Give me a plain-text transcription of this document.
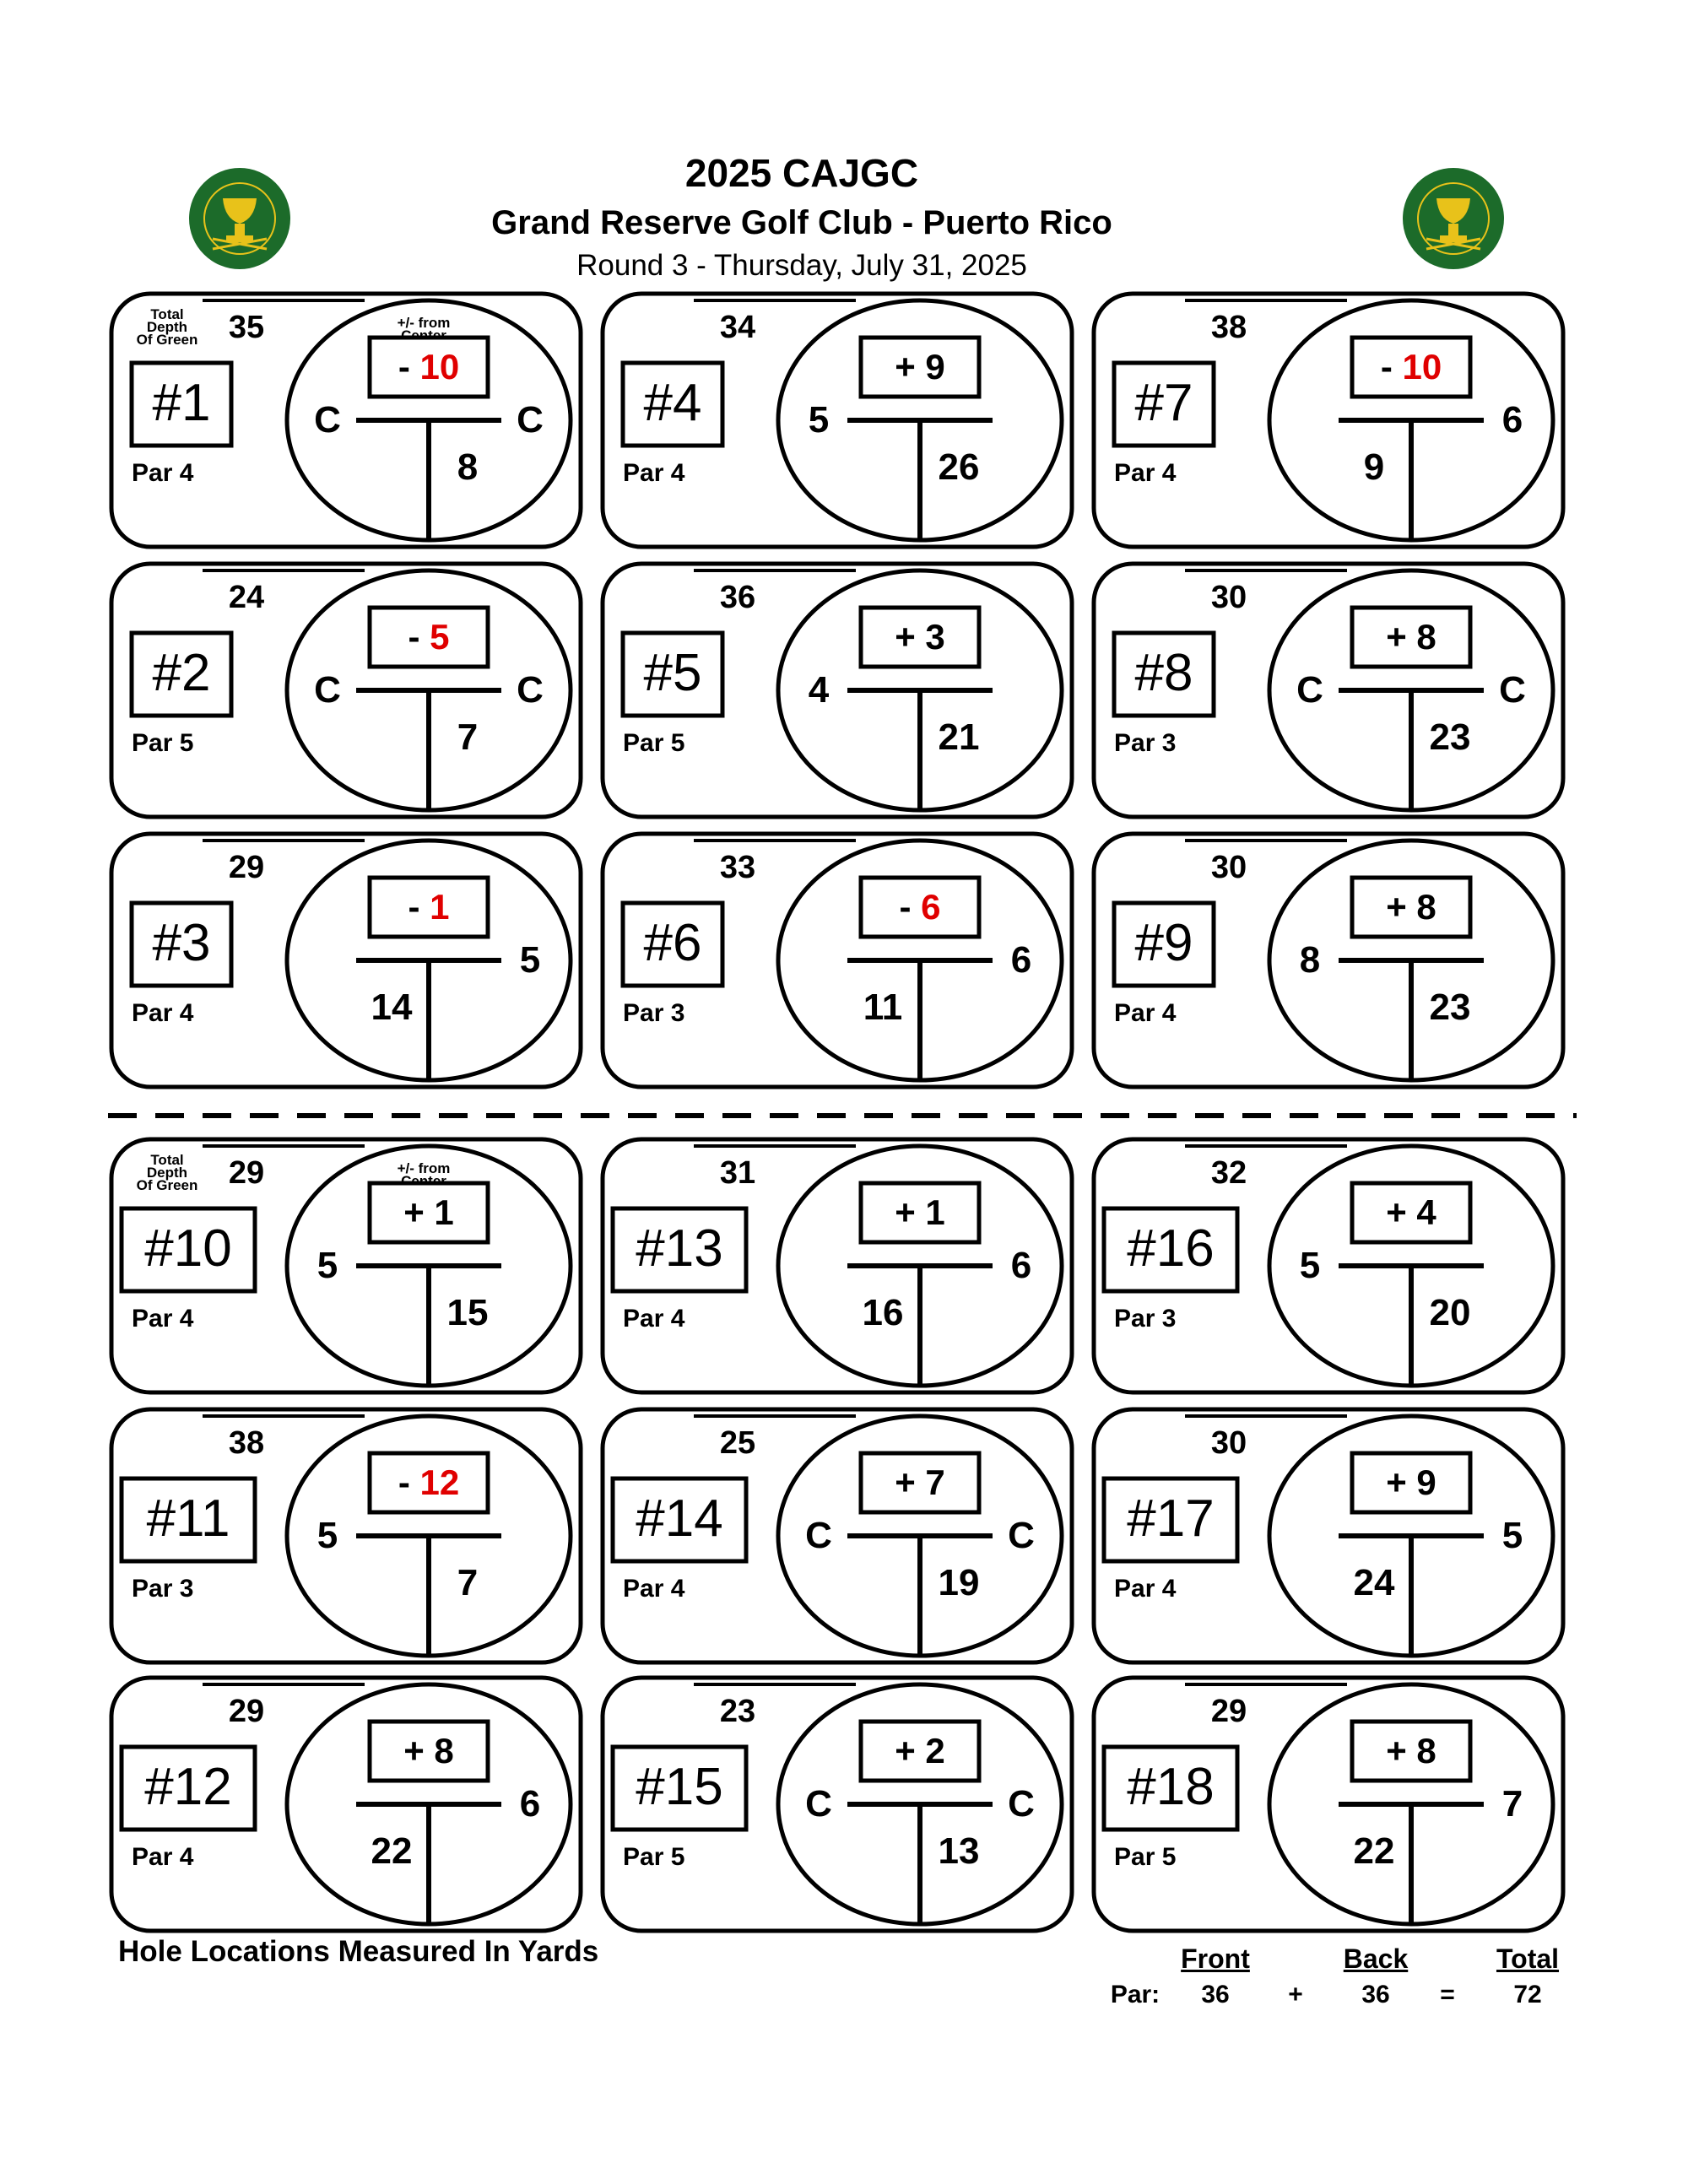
2025 CAJGC
Grand Reserve Golf Club - Puerto Rico
Round 3 - Thursday, July 31, 2025
35
Total
Depth
Of Green
+/- from
#1
Par 4
- 10
C	C
8
24
#2
Par 5
- 5
C	C
7
29
#3
Par 4
- 1
5
14
34
#4
Par 4
+ 9
5
26
36
#5
Par 5
+ 3
4
21
33
#6
Par 3
- 6
6
11
38
#7
Par 4
- 10
6
9
30
#8
Par 3
+ 8
C	C
23
30
#9
Par 4
+ 8
8
23
29
Total
Depth
Of Green
+/- from
#10
Par 4
+ 1
5
15
38
#11
Par 3
- 12
5
7
29
#12
Par 4
+ 8
6
22
31
#13
Par 4
+ 1
6
16
25
#14
Par 4
+ 7
C	C
19
23
#15
Par 5
+ 2
C	C
13
32
#16
Par 3
+ 4
5
20
30
#17
Par 4
+ 9
5
24
29
#18
Par 5
+ 8
7
22
Hole Locations Measured In Yards	Front	Back	Total
Par:	36	+	36	=	72
